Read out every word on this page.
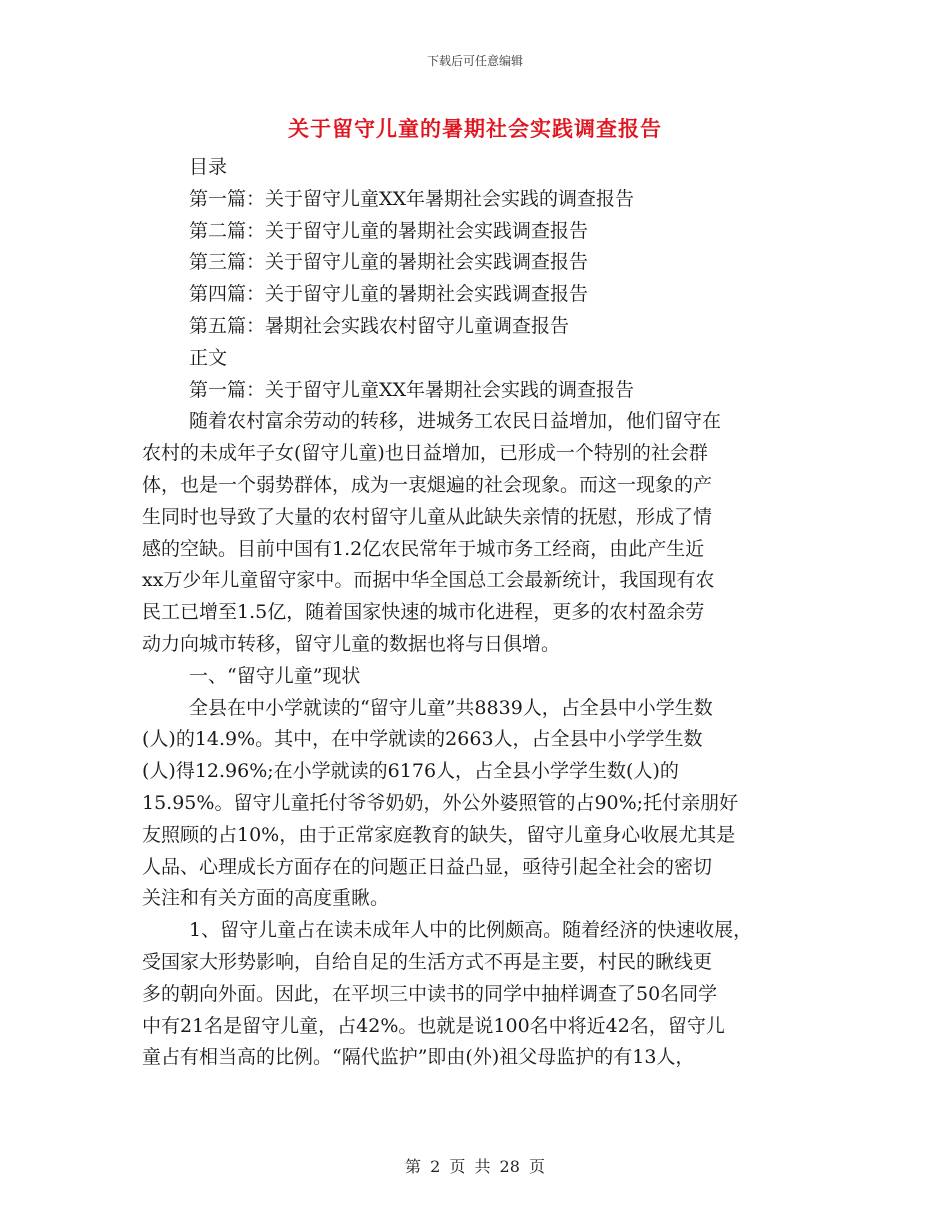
下载后可任意编辑
关于留守儿童的暑期社会实践调查报告
目录
第一篇：关于留守儿童XX年暑期社会实践的调查报告
第二篇：关于留守儿童的暑期社会实践调查报告
第三篇：关于留守儿童的暑期社会实践调查报告
第四篇：关于留守儿童的暑期社会实践调查报告
第五篇：暑期社会实践农村留守儿童调查报告
正文
第一篇：关于留守儿童XX年暑期社会实践的调查报告
随着农村富余劳动的转移，进城务工农民日益增加，他们留守在
农村的未成年子女(留守儿童)也日益增加，已形成一个特别的社会群
体，也是一个弱势群体，成为一衷煺遍的社会现象。而这一现象的产
生同时也导致了大量的农村留守儿童从此缺失亲情的抚慰，形成了情
感的空缺。目前中国有1.2亿农民常年于城市务工经商，由此产生近
xx万少年儿童留守家中。而据中华全国总工会最新统计，我国现有农
民工已增至1.5亿，随着国家快速的城市化进程，更多的农村盈余劳
动力向城市转移，留守儿童的数据也将与日俱增。
一、“留守儿童”现状
全县在中小学就读的“留守儿童”共8839人，占全县中小学生数
(人)的14.9%。其中，在中学就读的2663人，占全县中小学学生数
(人)得12.96%;在小学就读的6176人，占全县小学学生数(人)的
15.95%。留守儿童托付爷爷奶奶，外公外婆照管的占90%;托付亲朋好
友照顾的占10%，由于正常家庭教育的缺失，留守儿童身心收展尤其是
人品、心理成长方面存在的问题正日益凸显，亟待引起全社会的密切
关注和有关方面的高度重瞅。
1、留守儿童占在读未成年人中的比例颇高。随着经济的快速收展，
受国家大形势影响，自给自足的生活方式不再是主要，村民的瞅线更
多的朝向外面。因此，在平坝三中读书的同学中抽样调查了50名同学
中有21名是留守儿童，占42%。也就是说100名中将近42名，留守儿
童占有相当高的比例。“隔代监护”即由(外)祖父母监护的有13人，
第 2 页 共 28 页
